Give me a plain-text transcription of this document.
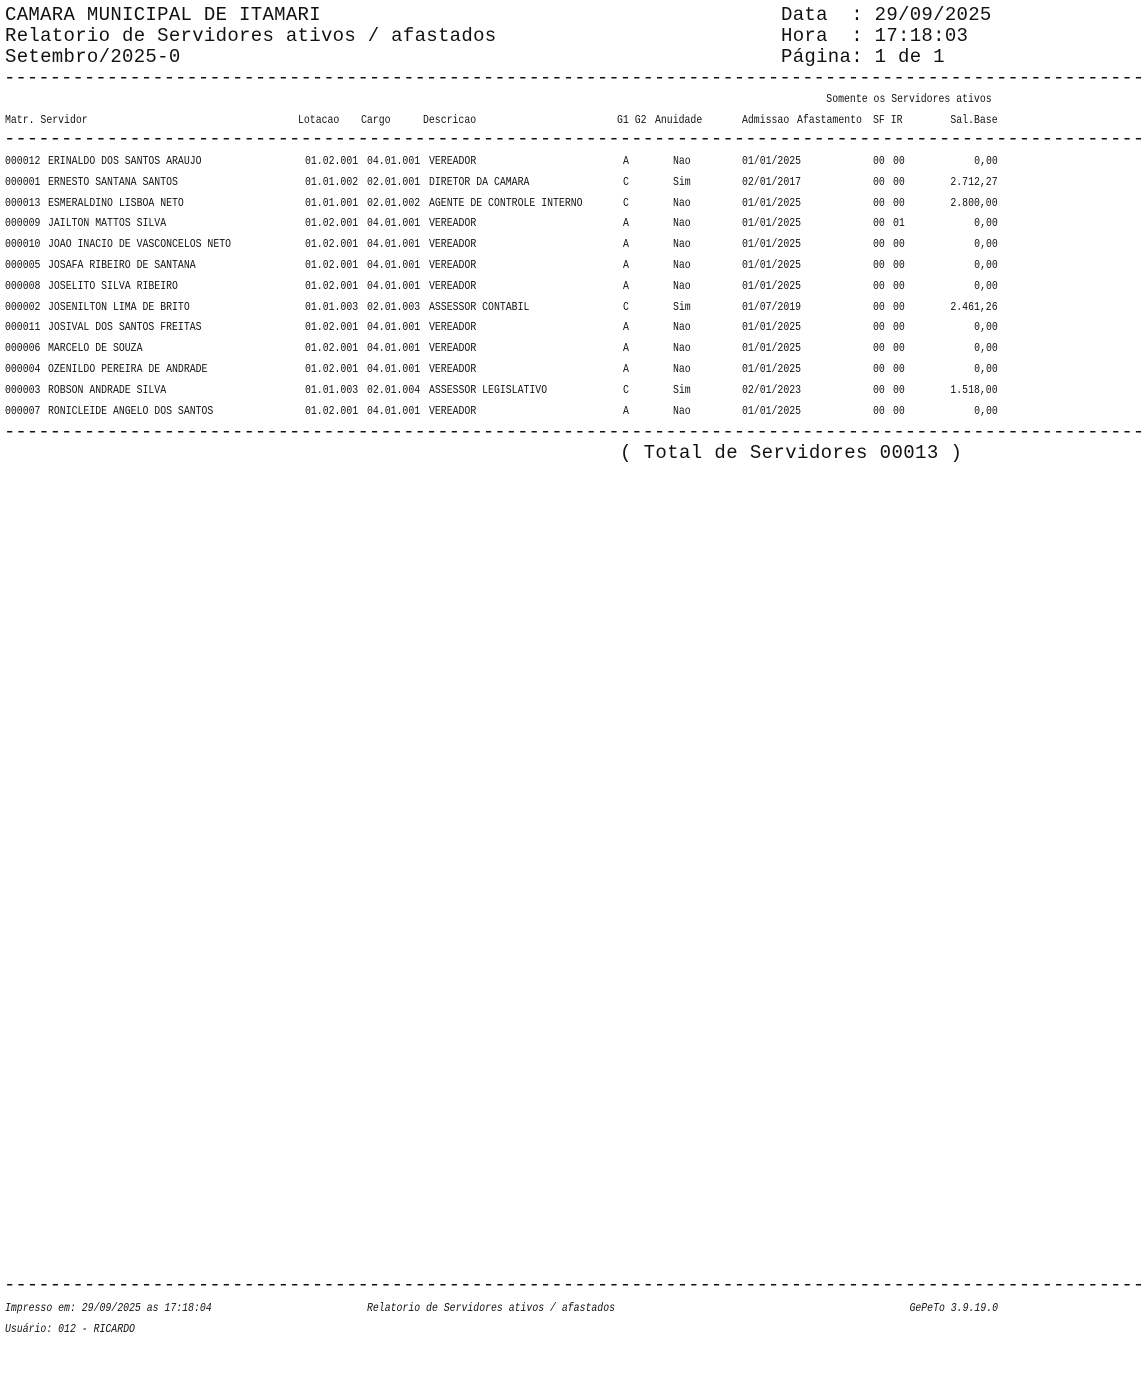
CAMARA MUNICIPAL DE ITAMARI
Relatorio de Servidores ativos / afastados
Setembro/2025-0
Data  : 29/09/2025
Hora  : 17:18:03
Página: 1 de 1
----------------------------------------------------------------------------------------------------
Somente os Servidores ativos
Matr. Servidor	Lotacao Cargo	Descricao	G1 G2 Anuidade	Admissao Afastamento SF IR	Sal.Base
----------------------------------------------------------------------------------------------------
000012 ERINALDO DOS SANTOS ARAUJO	01.02.001 04.01.001 VEREADOR	A	Nao	01/01/2025	00 00	0,00
000001 ERNESTO SANTANA SANTOS	01.01.002 02.01.001 DIRETOR DA CAMARA	C	Sim	02/01/2017	00 00	2.712,27
000013 ESMERALDINO LISBOA NETO	01.01.001 02.01.002 AGENTE DE CONTROLE INTERNO	C	Nao	01/01/2025	00 00	2.800,00
000009 JAILTON MATTOS SILVA	01.02.001 04.01.001 VEREADOR	A	Nao	01/01/2025	00 01	0,00
000010 JOAO INACIO DE VASCONCELOS NETO	01.02.001 04.01.001 VEREADOR	A	Nao	01/01/2025	00 00	0,00
000005 JOSAFA RIBEIRO DE SANTANA	01.02.001 04.01.001 VEREADOR	A	Nao	01/01/2025	00 00	0,00
000008 JOSELITO SILVA RIBEIRO	01.02.001 04.01.001 VEREADOR	A	Nao	01/01/2025	00 00	0,00
000002 JOSENILTON LIMA DE BRITO	01.01.003 02.01.003 ASSESSOR CONTABIL	C	Sim	01/07/2019	00 00	2.461,26
000011 JOSIVAL DOS SANTOS FREITAS	01.02.001 04.01.001 VEREADOR	A	Nao	01/01/2025	00 00	0,00
000006 MARCELO DE SOUZA	01.02.001 04.01.001 VEREADOR	A	Nao	01/01/2025	00 00	0,00
000004 OZENILDO PEREIRA DE ANDRADE	01.02.001 04.01.001 VEREADOR	A	Nao	01/01/2025	00 00	0,00
000003 ROBSON ANDRADE SILVA	01.01.003 02.01.004 ASSESSOR LEGISLATIVO	C	Sim	02/01/2023	00 00	1.518,00
000007 RONICLEIDE ANGELO DOS SANTOS	01.02.001 04.01.001 VEREADOR	A	Nao	01/01/2025	00 00	0,00
----------------------------------------------------------------------------------------------------
( Total de Servidores 00013 )
----------------------------------------------------------------------------------------------------
Impresso em: 29/09/2025 as 17:18:04	Relatorio de Servidores ativos / afastados	GePeTo 3.9.19.0
Usuário: 012 - RICARDO
